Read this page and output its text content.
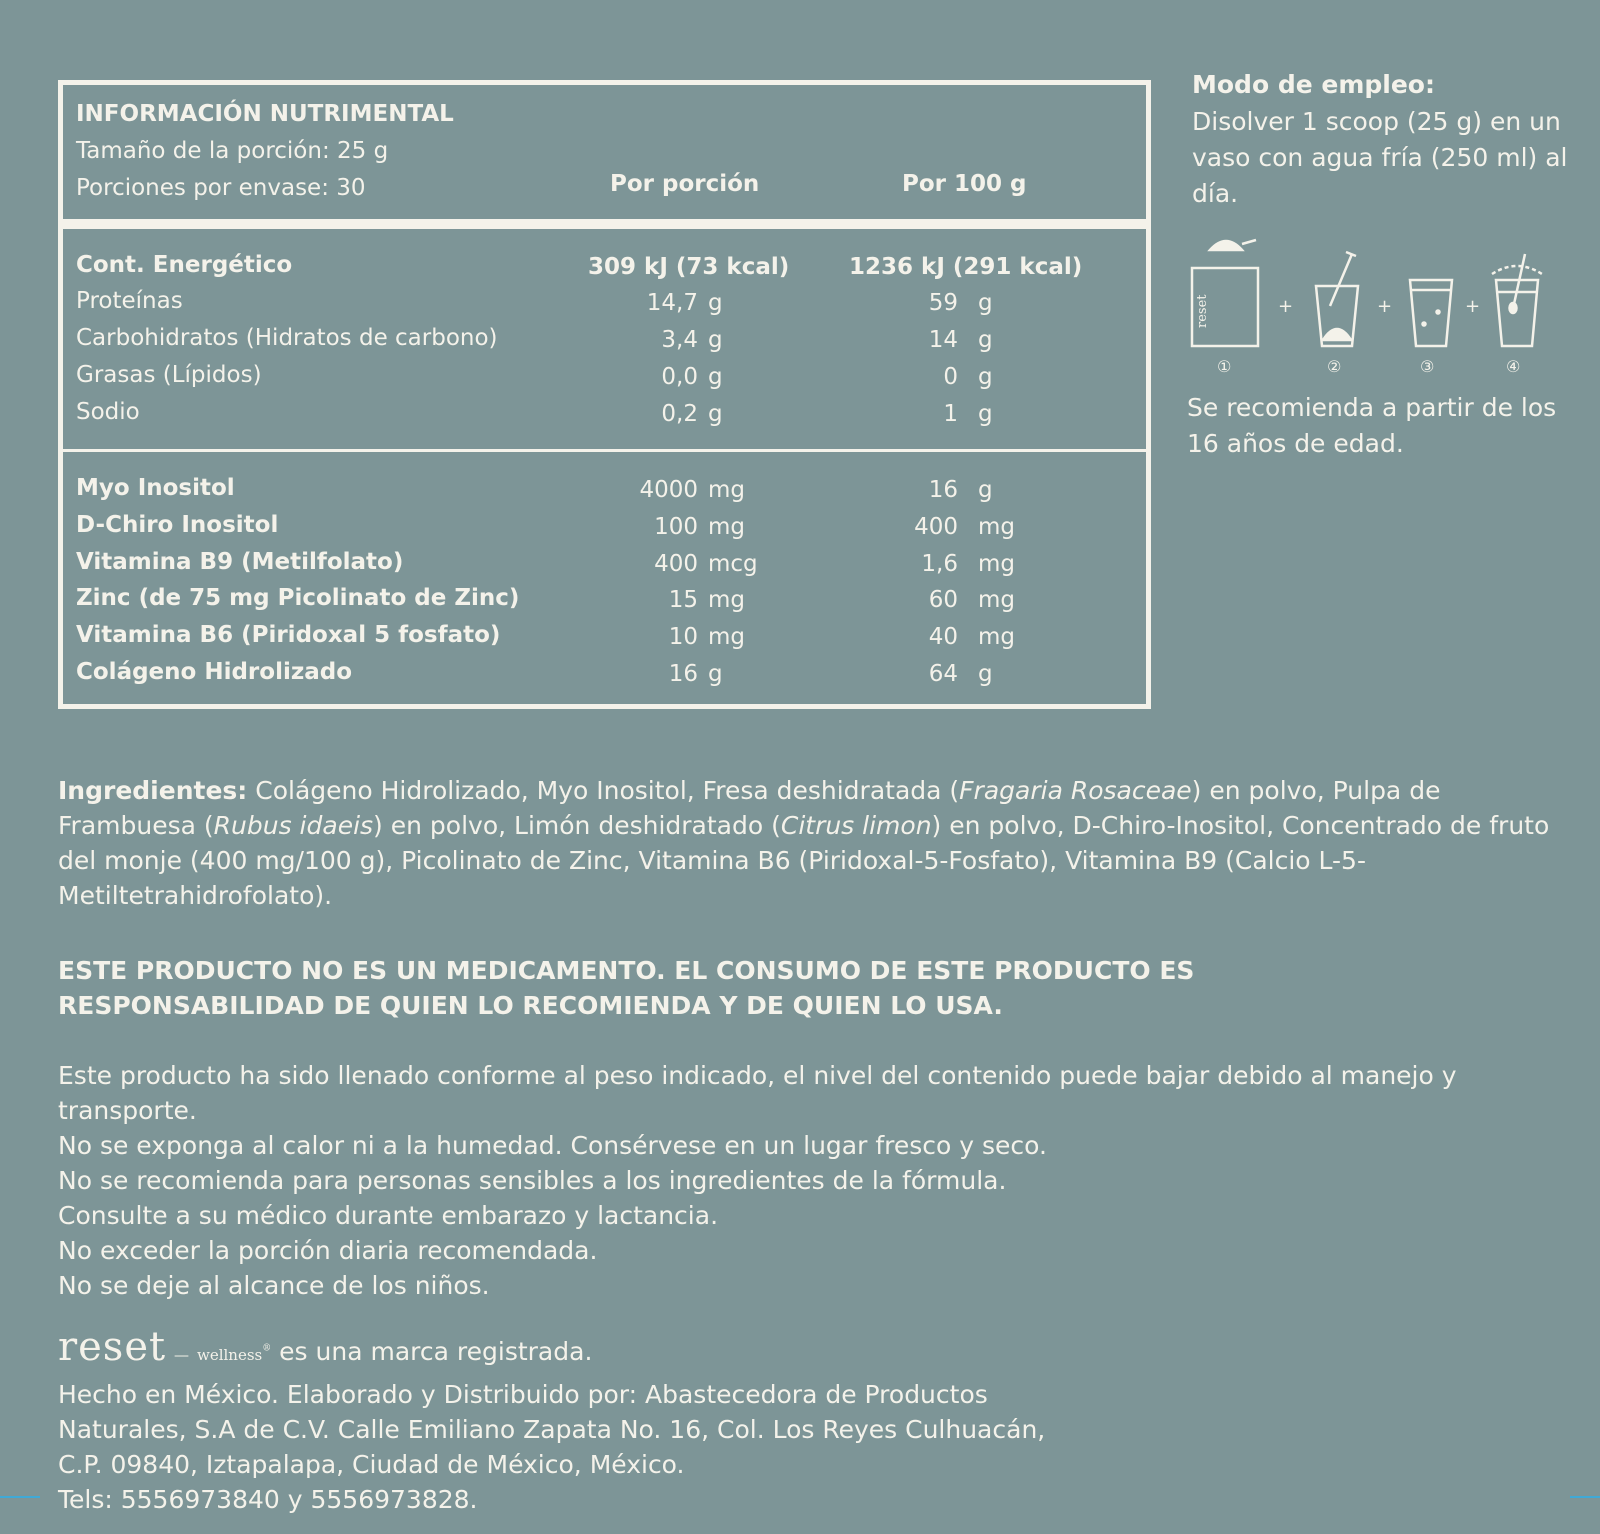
INFORMACIÓN NUTRIMENTAL
Tamaño de la porción: 25 g
Porciones por envase: 30	Por porción	Por 100 g
Cont. Energético	309 kJ (73 kcal)	1236 kJ (291 kcal)
Proteínas	14,7 g	59 g
Carbohidratos (Hidratos de carbono)	3,4 g	14 g
Grasas (Lípidos)	0,0 g	0 g
Sodio	0,2 g	1 g
Myo Inositol	4000 mg	16 g
D-Chiro Inositol	100 mg	400 mg
Vitamina B9 (Metilfolato)	400 mcg	1,6 mg
Zinc (de 75 mg Picolinato de Zinc)	15 mg	60 mg
Vitamina B6 (Piridoxal 5 fosfato)	10 mg	40 mg
Colágeno Hidrolizado	16 g	64 g
Modo de empleo:
Disolver 1 scoop (25 g) en un vaso con agua fría (250 ml) al día.
reset	+	+	+
①	②	③	④
Se recomienda a partir de los 16 años de edad.
Ingredientes: Colágeno Hidrolizado, Myo Inositol, Fresa deshidratada (Fragaria Rosaceae) en polvo, Pulpa de Frambuesa (Rubus idaeis) en polvo, Limón deshidratado (Citrus limon) en polvo, D-Chiro-Inositol, Concentrado de fruto del monje (400 mg/100 g), Picolinato de Zinc, Vitamina B6 (Piridoxal-5-Fosfato), Vitamina B9 (Calcio L-5-Metiltetrahidrofolato).
ESTE PRODUCTO NO ES UN MEDICAMENTO. EL CONSUMO DE ESTE PRODUCTO ES
RESPONSABILIDAD DE QUIEN LO RECOMIENDA Y DE QUIEN LO USA.
Este producto ha sido llenado conforme al peso indicado, el nivel del contenido puede bajar debido al manejo y transporte.
No se exponga al calor ni a la humedad. Consérvese en un lugar fresco y seco.
No se recomienda para personas sensibles a los ingredientes de la fórmula.
Consulte a su médico durante embarazo y lactancia.
No exceder la porción diaria recomendada.
No se deje al alcance de los niños.
reset — wellness® es una marca registrada.
Hecho en México. Elaborado y Distribuido por: Abastecedora de Productos
Naturales, S.A de C.V. Calle Emiliano Zapata No. 16, Col. Los Reyes Culhuacán,
C.P. 09840, Iztapalapa, Ciudad de México, México.
Tels: 5556973840 y 5556973828.
